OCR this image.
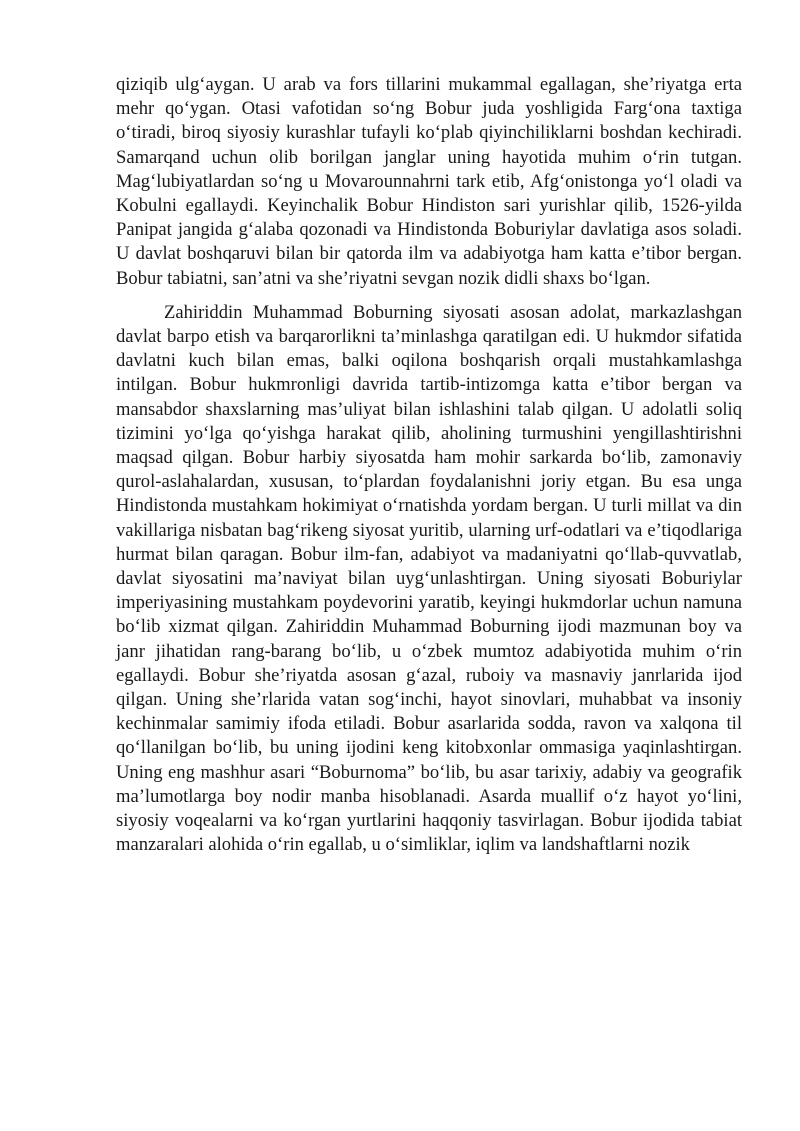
qiziqib ulg‘aygan. U arab va fors tillarini mukammal egallagan, she’riyatga erta mehr qo‘ygan. Otasi vafotidan so‘ng Bobur juda yoshligida Farg‘ona taxtiga o‘tiradi, biroq siyosiy kurashlar tufayli ko‘plab qiyinchiliklarni boshdan kechiradi. Samarqand uchun olib borilgan janglar uning hayotida muhim o‘rin tutgan. Mag‘lubiyatlardan so‘ng u Movarounnahrni tark etib, Afg‘onistonga yo‘l oladi va Kobulni egallaydi. Keyinchalik Bobur Hindiston sari yurishlar qilib, 1526-yilda Panipat jangida g‘alaba qozonadi va Hindistonda Boburiylar davlatiga asos soladi. U davlat boshqaruvi bilan bir qatorda ilm va adabiyotga ham katta e’tibor bergan. Bobur tabiatni, san’atni va she’riyatni sevgan nozik didli shaxs bo‘lgan.

Zahiriddin Muhammad Boburning siyosati asosan adolat, markazlashgan davlat barpo etish va barqarorlikni ta’minlashga qaratilgan edi. U hukmdor sifatida davlatni kuch bilan emas, balki oqilona boshqarish orqali mustahkamlashga intilgan. Bobur hukmronligi davrida tartib-intizomga katta e’tibor bergan va mansabdor shaxslarning mas’uliyat bilan ishlashini talab qilgan. U adolatli soliq tizimini yo‘lga qo‘yishga harakat qilib, aholining turmushini yengillashtirishni maqsad qilgan. Bobur harbiy siyosatda ham mohir sarkarda bo‘lib, zamonaviy qurol-aslahalardan, xususan, to‘plardan foydalanishni joriy etgan. Bu esa unga Hindistonda mustahkam hokimiyat o‘rnatishda yordam bergan. U turli millat va din vakillariga nisbatan bag‘rikeng siyosat yuritib, ularning urf-odatlari va e’tiqodlariga hurmat bilan qaragan. Bobur ilm-fan, adabiyot va madaniyatni qo‘llab-quvvatlab, davlat siyosatini ma’naviyat bilan uyg‘unlashtirgan. Uning siyosati Boburiylar imperiyasining mustahkam poydevorini yaratib, keyingi hukmdorlar uchun namuna bo‘lib xizmat qilgan. Zahiriddin Muhammad Boburning ijodi mazmunan boy va janr jihatidan rang-barang bo‘lib, u o‘zbek mumtoz adabiyotida muhim o‘rin egallaydi. Bobur she’riyatda asosan g‘azal, ruboiy va masnaviy janrlarida ijod qilgan. Uning she’rlarida vatan sog‘inchi, hayot sinovlari, muhabbat va insoniy kechinmalar samimiy ifoda etiladi. Bobur asarlarida sodda, ravon va xalqona til qo‘llanilgan bo‘lib, bu uning ijodini keng kitobxonlar ommasiga yaqinlashtirgan. Uning eng mashhur asari “Boburnoma” bo‘lib, bu asar tarixiy, adabiy va geografik ma’lumotlarga boy nodir manba hisoblanadi. Asarda muallif o‘z hayot yo‘lini, siyosiy voqealarni va ko‘rgan yurtlarini haqqoniy tasvirlagan. Bobur ijodida tabiat manzaralari alohida o‘rin egallab, u o‘simliklar, iqlim va landshaftlarni nozik
